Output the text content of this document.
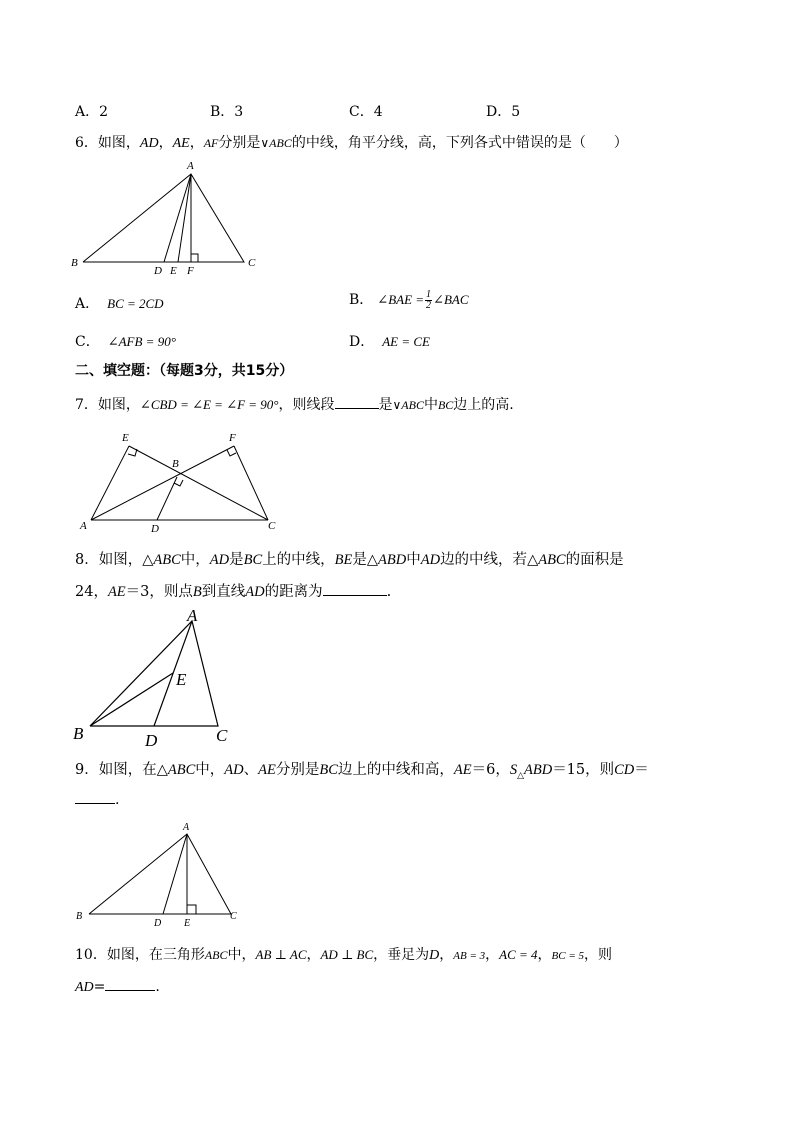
A．2	B．3	C．4	D．5
6．如图，AD，AE，AF分别是∨ABC的中线，角平分线，高，下列各式中错误的是（　　）
A
B	C
D E F
A． BC = 2CD	B． ∠BAE = $\frac{1}{2}$ ∠BAC
C． ∠AFB = 90°	D． AE = CE
二、填空题：（每题3分，共15分）
7．如图，∠CBD = ∠E = ∠F = 90°，则线段	是∨ABC中BC边上的高.
E	F
B
A	D	C
8．如图，△ABC中，AD是BC上的中线，BE是△ABD中AD边的中线，若△ABC的面积是
24，AE＝3，则点B到直线AD的距离为	.
A
E
B	D	C
9．如图，在△ABC中，AD、AE分别是BC边上的中线和高，AE＝6，$S_\triangle ABD=15$，则CD＝
.
A
B
D E
C
10．如图，在三角形ABC中，AB ⊥ AC，AD ⊥ BC，垂足为D，AB = 3，AC = 4，BC = 5，则
AD=	.
